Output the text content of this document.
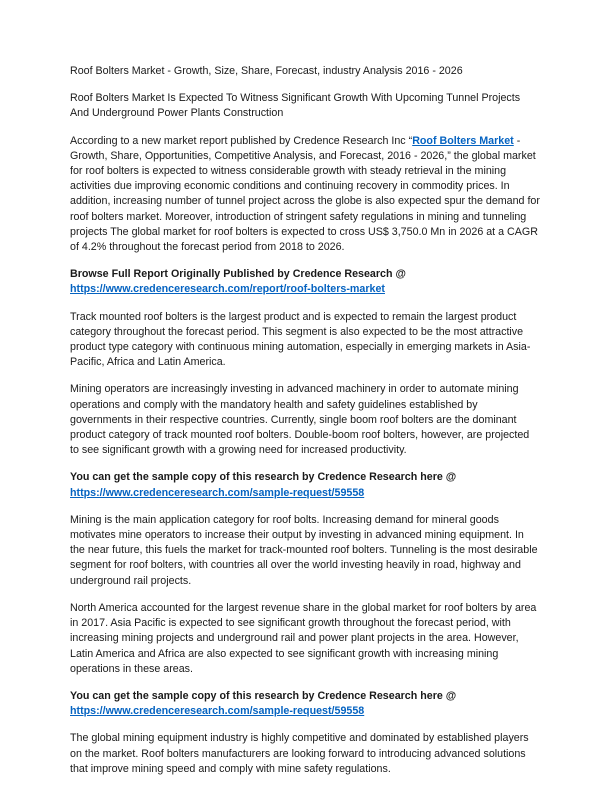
Roof Bolters Market - Growth, Size, Share, Forecast, industry Analysis 2016 - 2026

Roof Bolters Market Is Expected To Witness Significant Growth With Upcoming Tunnel Projects And Underground Power Plants Construction

According to a new market report published by Credence Research Inc “Roof Bolters Market - Growth, Share, Opportunities, Competitive Analysis, and Forecast, 2016 - 2026,” the global market for roof bolters is expected to witness considerable growth with steady retrieval in the mining activities due improving economic conditions and continuing recovery in commodity prices. In addition, increasing number of tunnel project across the globe is also expected spur the demand for roof bolters market. Moreover, introduction of stringent safety regulations in mining and tunneling projects The global market for roof bolters is expected to cross US$ 3,750.0 Mn in 2026 at a CAGR of 4.2% throughout the forecast period from 2018 to 2026.

Browse Full Report Originally Published by Credence Research @
https://www.credenceresearch.com/report/roof-bolters-market

Track mounted roof bolters is the largest product and is expected to remain the largest product category throughout the forecast period. This segment is also expected to be the most attractive product type category with continuous mining automation, especially in emerging markets in Asia-Pacific, Africa and Latin America.

Mining operators are increasingly investing in advanced machinery in order to automate mining operations and comply with the mandatory health and safety guidelines established by governments in their respective countries. Currently, single boom roof bolters are the dominant product category of track mounted roof bolters. Double-boom roof bolters, however, are projected to see significant growth with a growing need for increased productivity.

You can get the sample copy of this research by Credence Research here @
https://www.credenceresearch.com/sample-request/59558

Mining is the main application category for roof bolts. Increasing demand for mineral goods motivates mine operators to increase their output by investing in advanced mining equipment. In the near future, this fuels the market for track-mounted roof bolters. Tunneling is the most desirable segment for roof bolters, with countries all over the world investing heavily in road, highway and underground rail projects.

North America accounted for the largest revenue share in the global market for roof bolters by area in 2017. Asia Pacific is expected to see significant growth throughout the forecast period, with increasing mining projects and underground rail and power plant projects in the area. However, Latin America and Africa are also expected to see significant growth with increasing mining operations in these areas.

You can get the sample copy of this research by Credence Research here @
https://www.credenceresearch.com/sample-request/59558

The global mining equipment industry is highly competitive and dominated by established players on the market. Roof bolters manufacturers are looking forward to introducing advanced solutions that improve mining speed and comply with mine safety regulations.
